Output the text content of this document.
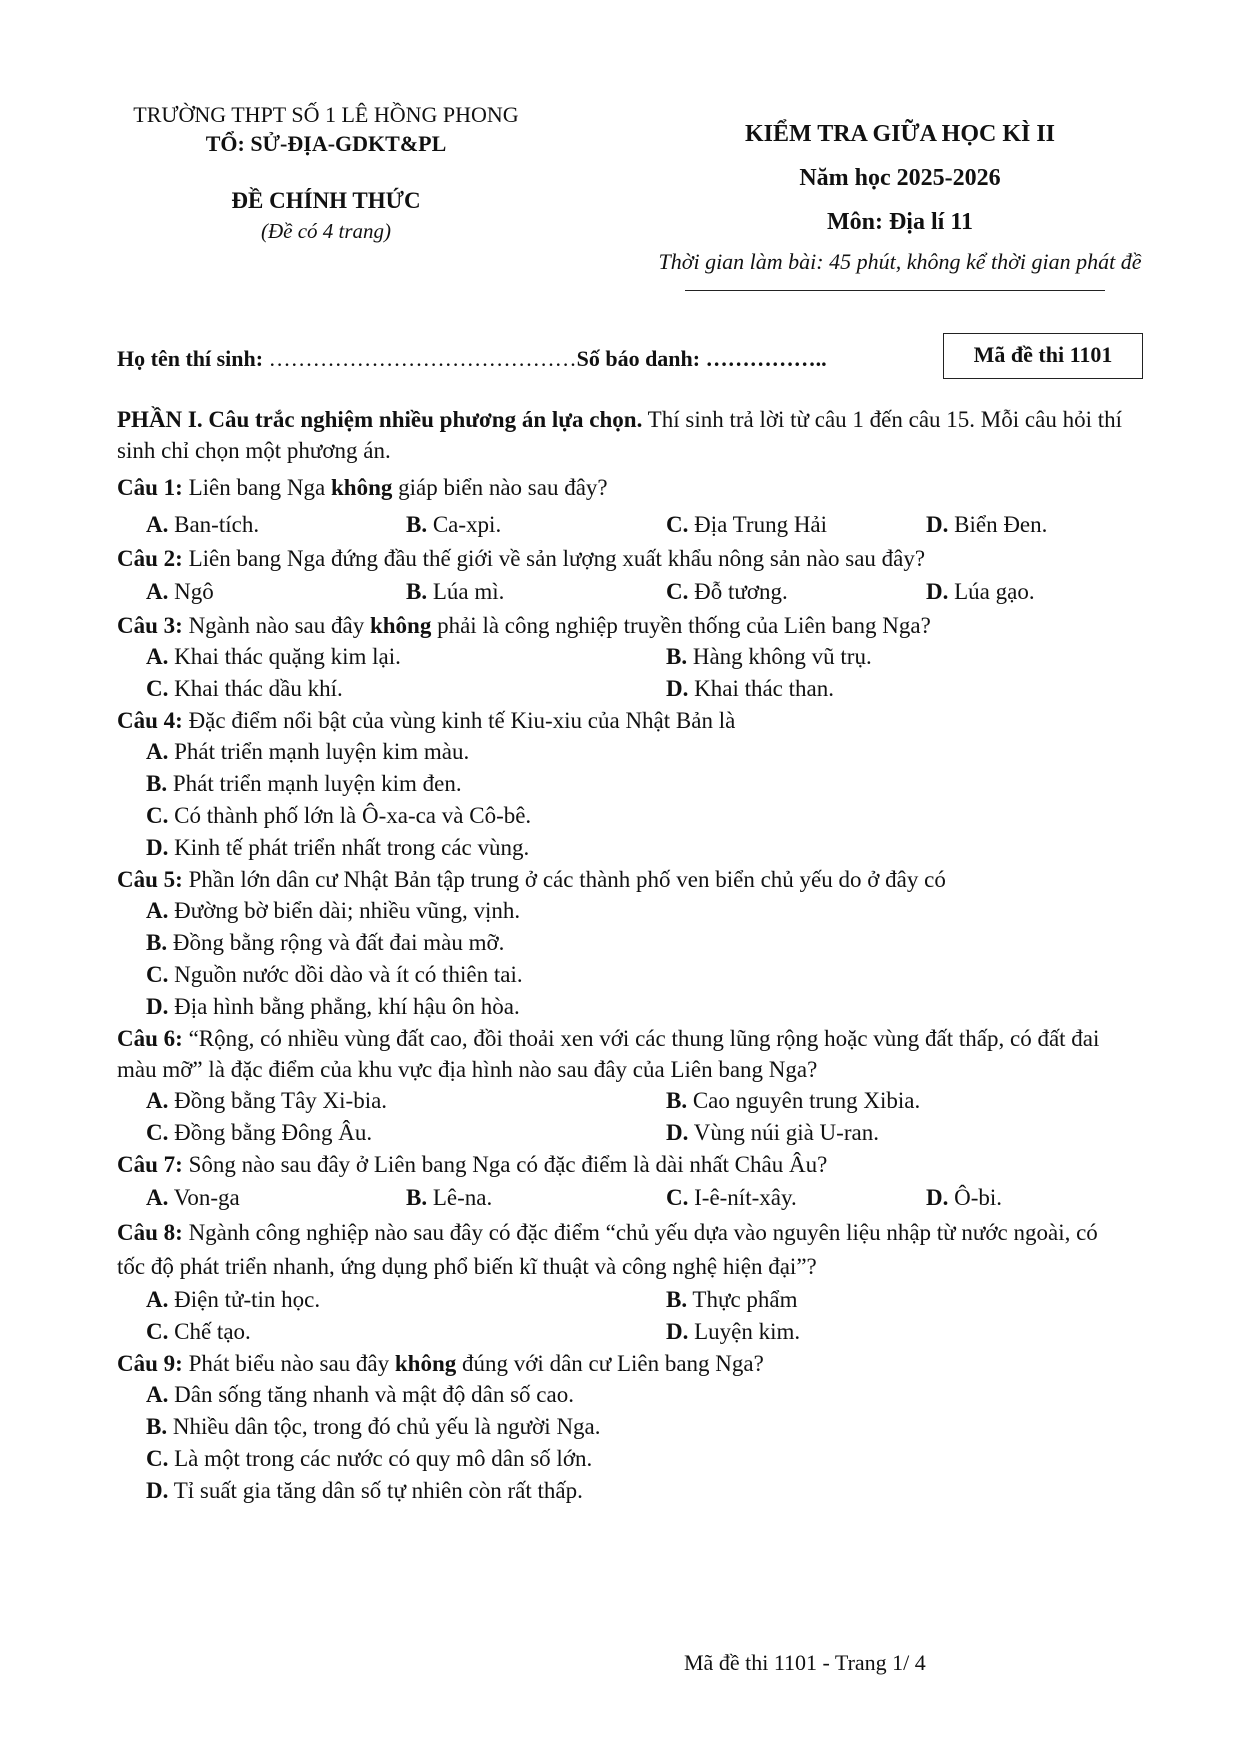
TRƯỜNG THPT SỐ 1 LÊ HỒNG PHONG
TỔ: SỬ-ĐỊA-GDKT&PL
ĐỀ CHÍNH THỨC
(Đề có 4 trang)
KIỂM TRA GIỮA HỌC KÌ II
Năm học 2025-2026
Môn: Địa lí 11
Thời gian làm bài: 45 phút, không kể thời gian phát đề
Họ tên thí sinh: ……………………………………Số báo danh: ……………..	Mã đề thi 1101

PHẦN I. Câu trắc nghiệm nhiều phương án lựa chọn. Thí sinh trả lời từ câu 1 đến câu 15. Mỗi câu hỏi thí sinh chỉ chọn một phương án.

Câu 1: Liên bang Nga không giáp biển nào sau đây?
A. Ban-tích.	B. Ca-xpi.	C. Địa Trung Hải	D. Biển Đen.
Câu 2: Liên bang Nga đứng đầu thế giới về sản lượng xuất khẩu nông sản nào sau đây?
A. Ngô	B. Lúa mì.	C. Đỗ tương.	D. Lúa gạo.
Câu 3: Ngành nào sau đây không phải là công nghiệp truyền thống của Liên bang Nga?
A. Khai thác quặng kim lại.	B. Hàng không vũ trụ.
C. Khai thác dầu khí.	D. Khai thác than.
Câu 4: Đặc điểm nổi bật của vùng kinh tế Kiu-xiu của Nhật Bản là
A. Phát triển mạnh luyện kim màu.
B. Phát triển mạnh luyện kim đen.
C. Có thành phố lớn là Ô-xa-ca và Cô-bê.
D. Kinh tế phát triển nhất trong các vùng.
Câu 5: Phần lớn dân cư Nhật Bản tập trung ở các thành phố ven biển chủ yếu do ở đây có
A. Đường bờ biển dài; nhiều vũng, vịnh.
B. Đồng bằng rộng và đất đai màu mỡ.
C. Nguồn nước dồi dào và ít có thiên tai.
D. Địa hình bằng phẳng, khí hậu ôn hòa.
Câu 6: “Rộng, có nhiều vùng đất cao, đồi thoải xen với các thung lũng rộng hoặc vùng đất thấp, có đất đai màu mỡ” là đặc điểm của khu vực địa hình nào sau đây của Liên bang Nga?
A. Đồng bằng Tây Xi-bia.	B. Cao nguyên trung Xibia.
C. Đồng bằng Đông Âu.	D. Vùng núi già U-ran.
Câu 7: Sông nào sau đây ở Liên bang Nga có đặc điểm là dài nhất Châu Âu?
A. Von-ga	B. Lê-na.	C. I-ê-nít-xây.	D. Ô-bi.
Câu 8: Ngành công nghiệp nào sau đây có đặc điểm “chủ yếu dựa vào nguyên liệu nhập từ nước ngoài, có tốc độ phát triển nhanh, ứng dụng phổ biến kĩ thuật và công nghệ hiện đại”?
A. Điện tử-tin học.	B. Thực phẩm
C. Chế tạo.	D. Luyện kim.
Câu 9: Phát biểu nào sau đây không đúng với dân cư Liên bang Nga?
A. Dân sống tăng nhanh và mật độ dân số cao.
B. Nhiều dân tộc, trong đó chủ yếu là người Nga.
C. Là một trong các nước có quy mô dân số lớn.
D. Tỉ suất gia tăng dân số tự nhiên còn rất thấp.
Mã đề thi 1101 - Trang 1/ 4
